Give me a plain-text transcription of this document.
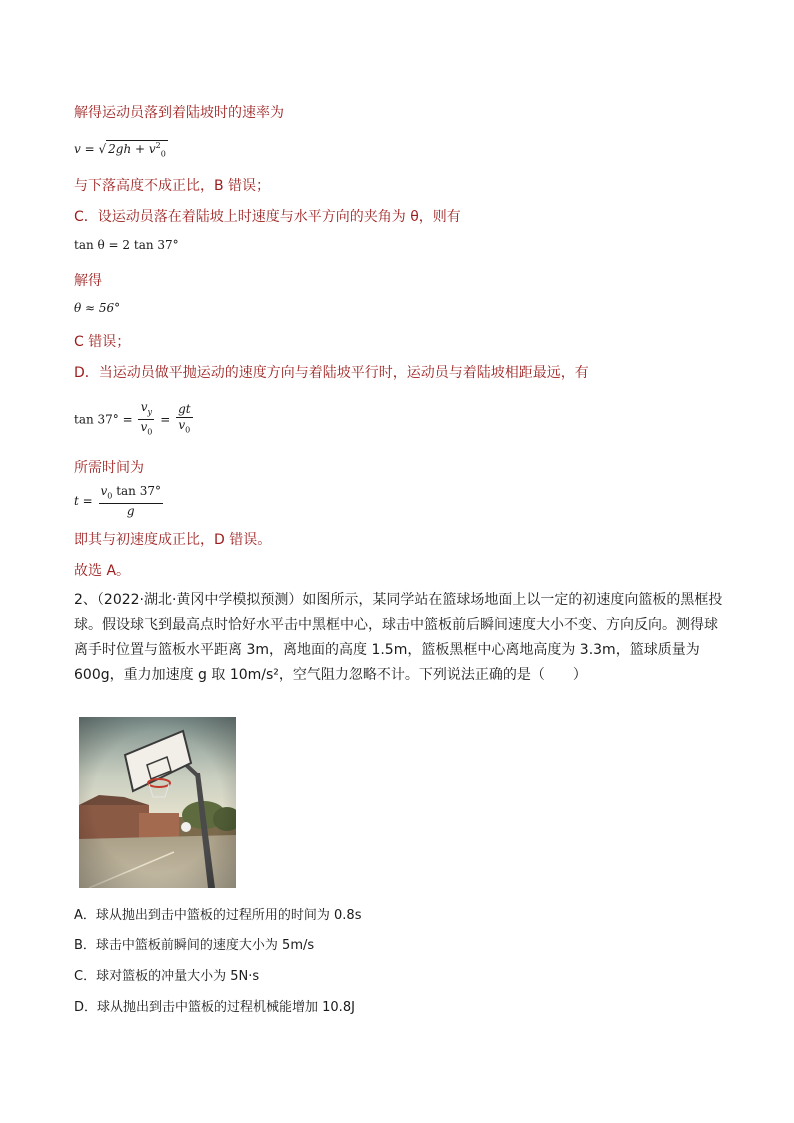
解得运动员落到着陆坡时的速率为
v = √ $2gh + v^2_0$
与下落高度不成正比，B 错误；
C．设运动员落在着陆坡上时速度与水平方向的夹角为 θ，则有
tan θ = 2 tan 37°
解得
θ ≈ 56°
C 错误；
D．当运动员做平抛运动的速度方向与着陆坡平行时，运动员与着陆坡相距最远，有
$\tan 37^\circ = \frac{v_y}{v_0} = \frac{gt}{v_0}$
所需时间为
$t = \frac{v_0 \tan 37^\circ}{g}$
即其与初速度成正比，D 错误。
故选 A。
2、（2022·湖北·黄冈中学模拟预测）如图所示，某同学站在篮球场地面上以一定的初速度向篮板的黑框投球。假设球飞到最高点时恰好水平击中黑框中心，球击中篮板前后瞬间速度大小不变、方向反向。测得球离手时位置与篮板水平距离 3m，离地面的高度 1.5m，篮板黑框中心离地高度为 3.3m，篮球质量为 600g，重力加速度 g 取 10m/s²，空气阻力忽略不计。下列说法正确的是（　　）
A．球从抛出到击中篮板的过程所用的时间为 0.8s
B．球击中篮板前瞬间的速度大小为 5m/s
C．球对篮板的冲量大小为 5N·s
D．球从抛出到击中篮板的过程机械能增加 10.8J
